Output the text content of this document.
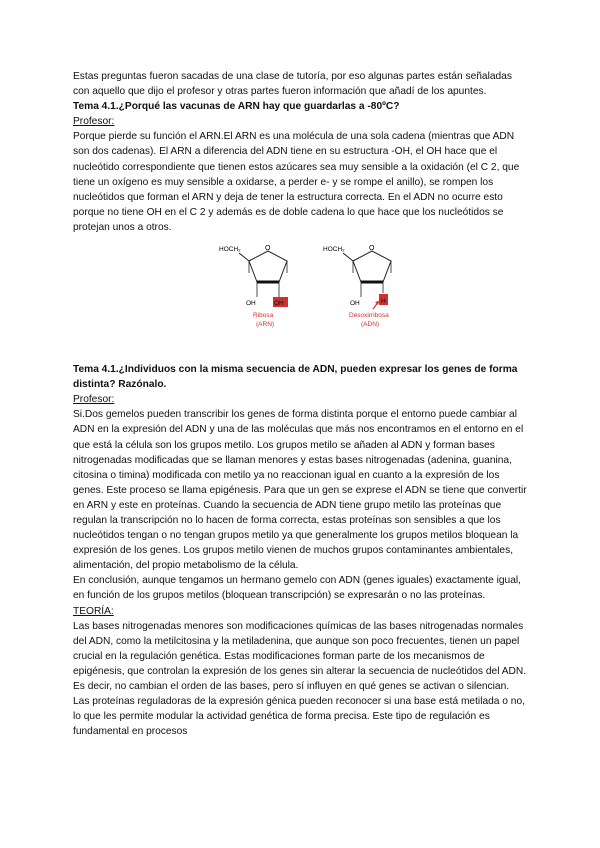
Estas preguntas fueron sacadas de una clase de tutoría, por eso algunas partes están señaladas con aquello que dijo el profesor y otras partes fueron información que añadí de los apuntes.

Tema 4.1.¿Porqué las vacunas de ARN hay que guardarlas a -80ºC?

Profesor:

Porque pierde su función el ARN.El ARN es una molécula de una sola cadena (mientras que ADN son dos cadenas). El ARN a diferencia del ADN tiene en su estructura -OH, el OH hace que el nucleótido correspondiente que tienen estos azúcares sea muy sensible a la oxidación (el C 2, que tiene un oxígeno es muy sensible a oxidarse, a perder e- y se rompe el anillo), se rompen los nucleótidos que forman el ARN y deja de tener la estructura correcta. En el ADN no ocurre esto porque no tiene OH en el C 2 y además es de doble cadena lo que hace que los nucleótidos se protejan unos a otros.

HOCH₂	O
OH	OH
Ribosa
(ARN)
HOCH₂	O
OH	H
Desoxirribosa
(ADN)

Tema 4.1.¿Individuos con la misma secuencia de ADN, pueden expresar los genes de forma distinta? Razónalo.

Profesor:

Si.Dos gemelos pueden transcribir los genes de forma distinta porque el entorno puede cambiar al ADN en la expresión del ADN y una de las moléculas que más nos encontramos en el entorno en el que está la célula son los grupos metilo. Los grupos metilo se añaden al ADN y forman bases nitrogenadas modificadas que se llaman menores y estas bases nitrogenadas (adenina, guanina, citosina o timina) modificada con metilo ya no reaccionan igual en cuanto a la expresión de los genes. Este proceso se llama epigénesis. Para que un gen se exprese el ADN se tiene que convertir en ARN y este en proteínas. Cuando la secuencia de ADN tiene grupo metilo las proteínas que regulan la transcripción no lo hacen de forma correcta, estas proteínas son sensibles a que los nucleótidos tengan o no tengan grupos metilo ya que generalmente los grupos metilos bloquean la expresión de los genes. Los grupos metilo vienen de muchos grupos contaminantes ambientales, alimentación, del propio metabolismo de la célula.

En conclusión, aunque tengamos un hermano gemelo con ADN (genes iguales) exactamente igual, en función de los grupos metilos (bloquean transcripción) se expresarán o no las proteínas.

TEORÍA:

Las bases nitrogenadas menores son modificaciones químicas de las bases nitrogenadas normales del ADN, como la metilcitosina y la metiladenina, que aunque son poco frecuentes, tienen un papel crucial en la regulación genética. Estas modificaciones forman parte de los mecanismos de epigénesis, que controlan la expresión de los genes sin alterar la secuencia de nucleótidos del ADN. Es decir, no cambian el orden de las bases, pero sí influyen en qué genes se activan o silencian. Las proteínas reguladoras de la expresión génica pueden reconocer si una base está metilada o no, lo que les permite modular la actividad genética de forma precisa. Este tipo de regulación es fundamental en procesos
